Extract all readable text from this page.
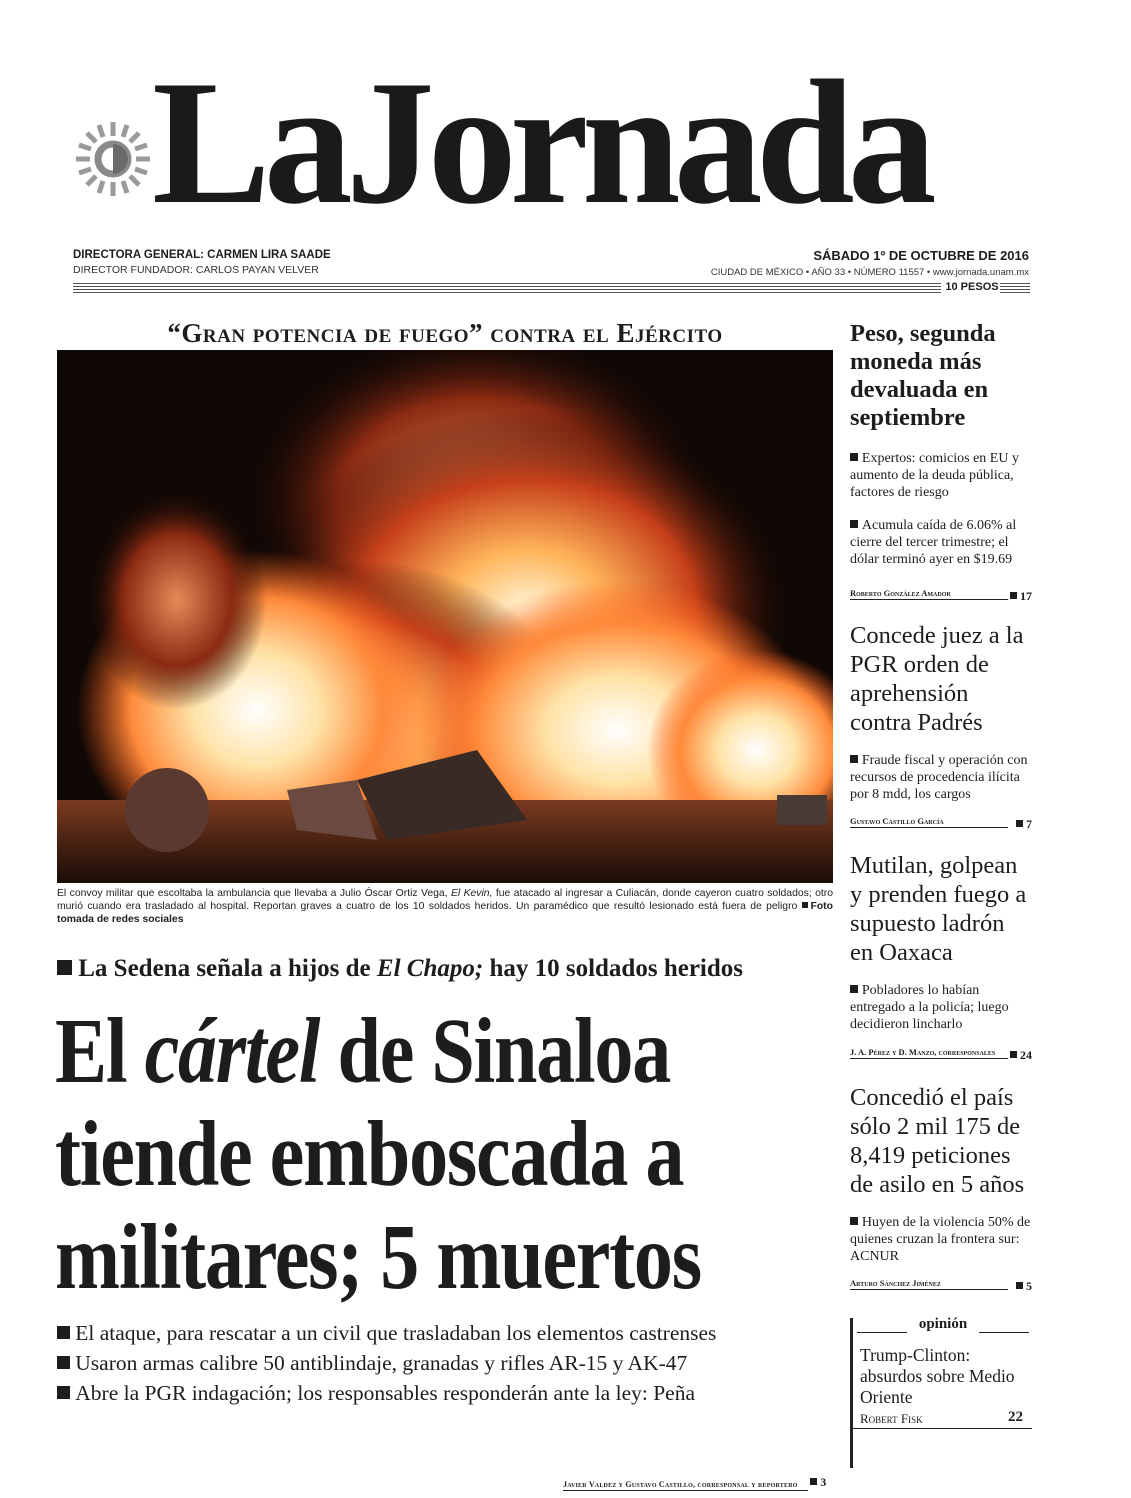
LaJornada
DIRECTORA GENERAL: CARMEN LIRA SAADE
DIRECTOR FUNDADOR: CARLOS PAYAN VELVER
SÁBADO 1º DE OCTUBRE DE 2016
CIUDAD DE MÉXICO • AÑO 33 • NÚMERO 11557 • www.jornada.unam.mx
10 PESOS
“Gran potencia de fuego” contra el Ejército
El convoy militar que escoltaba la ambulancia que llevaba a Julio Óscar Ortiz Vega, El Kevin, fue atacado al ingresar a Culiacán, donde cayeron cuatro soldados; otro murió cuando era trasladado al hospital. Reportan graves a cuatro de los 10 soldados heridos. Un paramédico que resultó lesionado está fuera de peligro Foto tomada de redes sociales
La Sedena señala a hijos de El Chapo; hay 10 soldados heridos
El cártel de Sinaloa
tiende emboscada a
militares; 5 muertos
El ataque, para rescatar a un civil que trasladaban los elementos castrenses
Usaron armas calibre 50 antiblindaje, granadas y rifles AR-15 y AK-47
Abre la PGR indagación; los responsables responderán ante la ley: Peña
Javier Valdez y Gustavo Castillo, corresponsal y reportero	3
Peso, segunda moneda más devaluada en septiembre
Expertos: comicios en EU y aumento de la deuda pública, factores de riesgo
Acumula caída de 6.06% al cierre del tercer trimestre; el dólar terminó ayer en $19.69
Roberto González Amador	17
Concede juez a la PGR orden de aprehensión contra Padrés
Fraude fiscal y operación con recursos de procedencia ilícita por 8 mdd, los cargos
Gustavo Castillo García	7
Mutilan, golpean y prenden fuego a supuesto ladrón en Oaxaca
Pobladores lo habían entregado a la policía; luego decidieron lincharlo
J. A. Pérez y D. Manzo, corresponsales	24
Concedió el país sólo 2 mil 175 de 8,419 peticiones de asilo en 5 años
Huyen de la violencia 50% de quienes cruzan la frontera sur: ACNUR
Arturo Sánchez Jiménez	5
opinión
Trump-Clinton: absurdos sobre Medio Oriente
Robert Fisk	22
